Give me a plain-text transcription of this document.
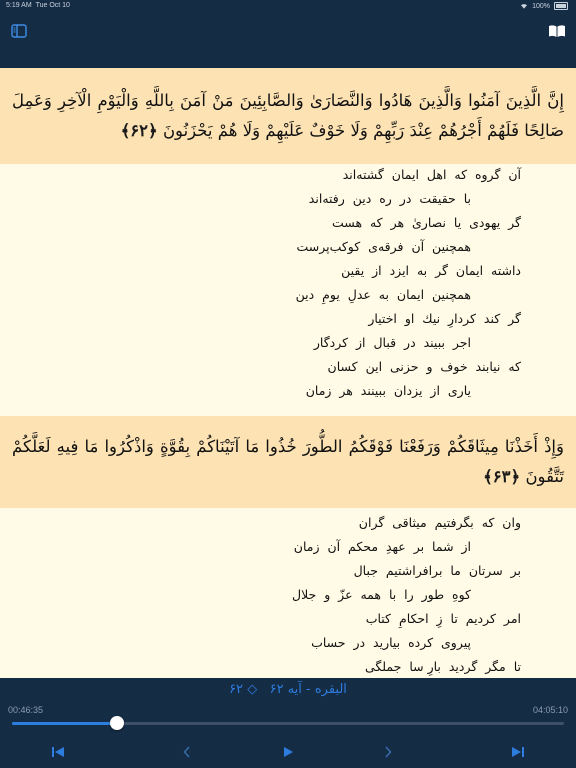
5:19 AM Tue Oct 10	100%
إِنَّ الَّذِينَ آمَنُوا وَالَّذِينَ هَادُوا وَالنَّصَارَىٰ وَالصَّابِئِينَ مَنْ آمَنَ بِاللَّهِ وَالْيَوْمِ الْآخِرِ وَعَمِلَ صَالِحًا فَلَهُمْ أَجْرُهُمْ عِنْدَ رَبِّهِمْ وَلَا خَوْفٌ عَلَيْهِمْ وَلَا هُمْ يَحْزَنُونَ ﴿۶۲﴾
آن  گروه  که  اهل  ایمان  گشته‌اند
با  حقیقت  در  ره  دین  رفته‌اند
گر  یهودی  یا  نصاریٰ  هر  که  هست
همچنین  آن  فرقه‌ی  کوکب‌پرست
داشته  ایمان  گر  به  ایزد  از  یقین
همچنین  ایمان  به  عدلِ  یومِ  دین
گر  کند  کردارِ  نیك  او  اختیار
اجر  ببیند  در  قبال  از  کردگار
که  نیابند  خوف  و  حزنی  این  کسان
یاری  از  یزدان  ببینند  هر  زمان
وَإِذْ أَخَذْنَا مِيثَاقَكُمْ وَرَفَعْنَا فَوْقَكُمُ الطُّورَ خُذُوا مَا آتَيْنَاكُمْ بِقُوَّةٍ وَاذْكُرُوا مَا فِيهِ لَعَلَّكُمْ تَتَّقُونَ ﴿۶۳﴾
وان  که  بگرفتیم  میثاقی  گران
از  شما  بر  عهدِ  محکم  آن  زمان
بر  سرتان  ما  برافراشتیم  جبال
کوهِ  طور  را  با  همه  عزّ  و  جلال
امر  کردیم  تا  زِ  احکامِ  کتاب
پیروی  کرده  بیارید  در  حساب
تا  مگر  گردید  بارِ سا  جملگی
البقره - آیه ۶۲   ◇ ۶۲
00:46:35	04:05:10
